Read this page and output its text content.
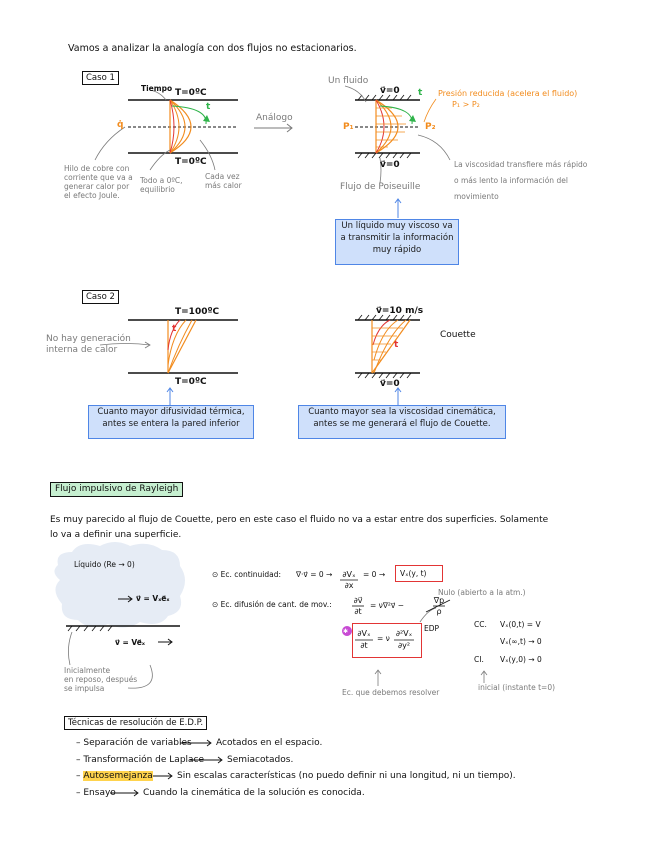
Vamos a analizar la analogía con dos flujos no estacionarios.
Caso 1
Tiempo T=0ºC
T=0ºC
q̇
t
Hilo de cobre con
corriente que va a
generar calor por
el efecto Joule.
Todo a 0ºC,
equilibrio
Cada vez
más calor
Análogo
Un fluido
v⃗=0
v⃗=0
Presión reducida (acelera el fluido)
P₁ > P₂
P₁	P₂
Flujo de Poiseuille
La viscosidad transfiere más rápido
o más lento la información del
movimiento
t
Un líquido muy viscoso va
a transmitir la información
muy rápido
Caso 2
T=100ºC
T=0ºC
t
No hay generación
interna de calor
v⃗=10 m/s
v⃗=0
Couette
t
Cuanto mayor difusividad térmica,
antes se entera la pared inferior
Cuanto mayor sea la viscosidad cinemática,
antes se me generará el flujo de Couette.
Flujo impulsivo de Rayleigh
Es muy parecido al flujo de Couette, pero en este caso el fluido no va a estar entre dos superficies. Solamente
lo va a definir una superficie.
Líquido (Re → 0)
v⃗ = Vₓe⃗ₓ
v⃗ = Ve⃗ₓ
Inicialmente
en reposo, después
se impulsa
⊙ Ec. continuidad: ∇·v⃗ = 0 →	∂Vₓ
∂x
= 0 → Vₓ(y, t)
⊙ Ec. difusión de cant. de mov.:	∂v⃗
∂t
= ν∇²v⃗ −
∇p
ρ
Nulo (abierto a la atm.)
∂Vₓ
∂t
= ν
∂²Vₓ
∂y²
EDP
✱
Ec. que debemos resolver
CC. Vₓ(0,t) = V
Vₓ(∞,t) → 0
CI. Vₓ(y,0) → 0
inicial (instante t=0)
Técnicas de resolución de E.D.P.
– Separación de variables	Acotados en el espacio.
– Transformación de Laplace	Semiacotados.
– Autosemejanza	Sin escalas características (no puedo definir ni una longitud, ni un tiempo).
– Ensayo	Cuando la cinemática de la solución es conocida.
